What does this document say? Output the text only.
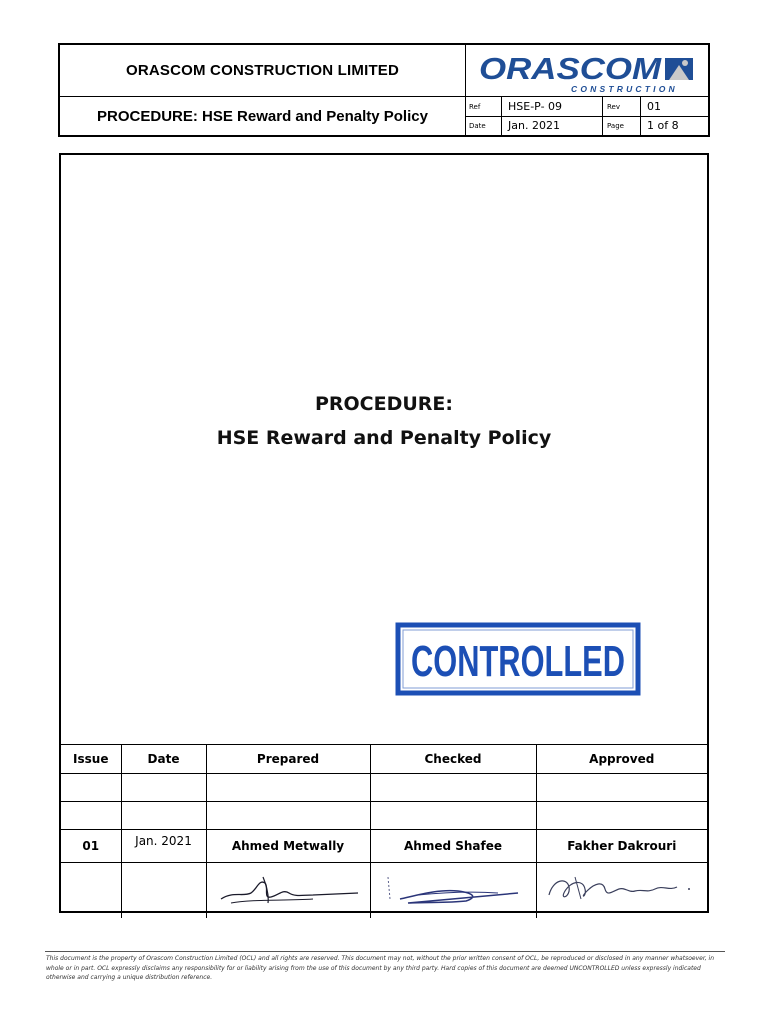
ORASCOM CONSTRUCTION LIMITED
PROCEDURE: HSE Reward and Penalty Policy
ORASCOM
CONSTRUCTION
Ref	HSE-P- 09	Rev	01
Date	Jan. 2021	Page	1 of 8
PROCEDURE:
HSE Reward and Penalty Policy
CONTROLLED
Issue	Date	Prepared	Checked	Approved

01	Jan. 2021	Ahmed Metwally	Ahmed Shafee	Fakher Dakrouri

This document is the property of Orascom Construction Limited (OCL) and all rights are reserved. This document may not, without the prior written consent of OCL, be reproduced or disclosed in any manner whatsoever, in whole or in part. OCL expressly disclaims any responsibility for or liability arising from the use of this document by any third party. Hard copies of this document are deemed UNCONTROLLED unless expressly indicated otherwise and carrying a unique distribution reference.
